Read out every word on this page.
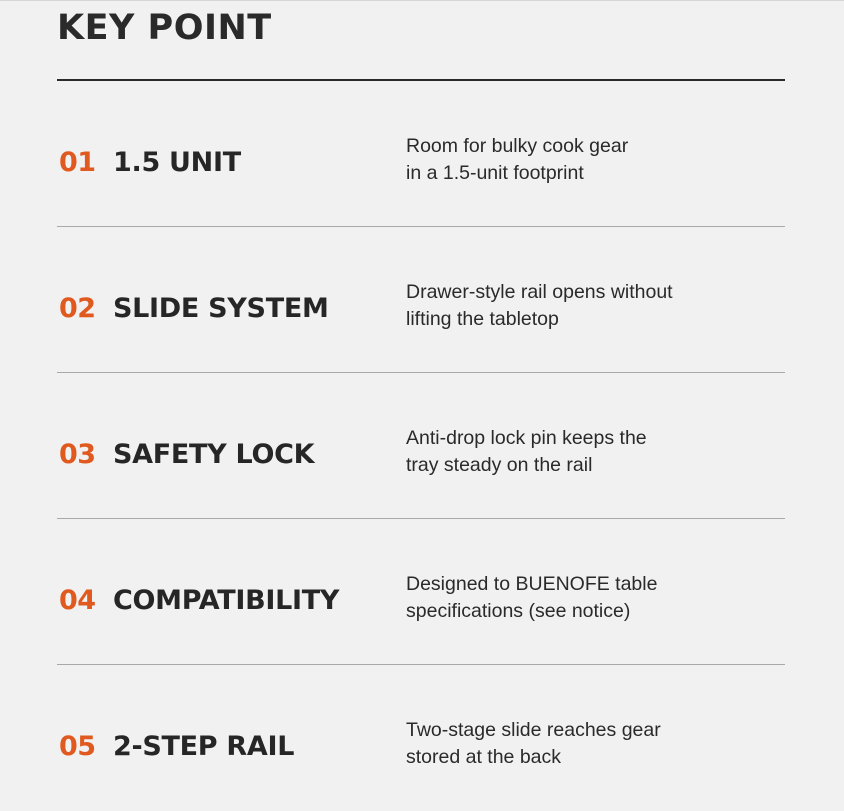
KEY POINT
01 1.5 UNIT
Room for bulky cook gear
in a 1.5-unit footprint
02 SLIDE SYSTEM
Drawer-style rail opens without
lifting the tabletop
03 SAFETY LOCK
Anti-drop lock pin keeps the
tray steady on the rail
04 COMPATIBILITY
Designed to BUENOFE table
specifications (see notice)
05 2-STEP RAIL
Two-stage slide reaches gear
stored at the back
